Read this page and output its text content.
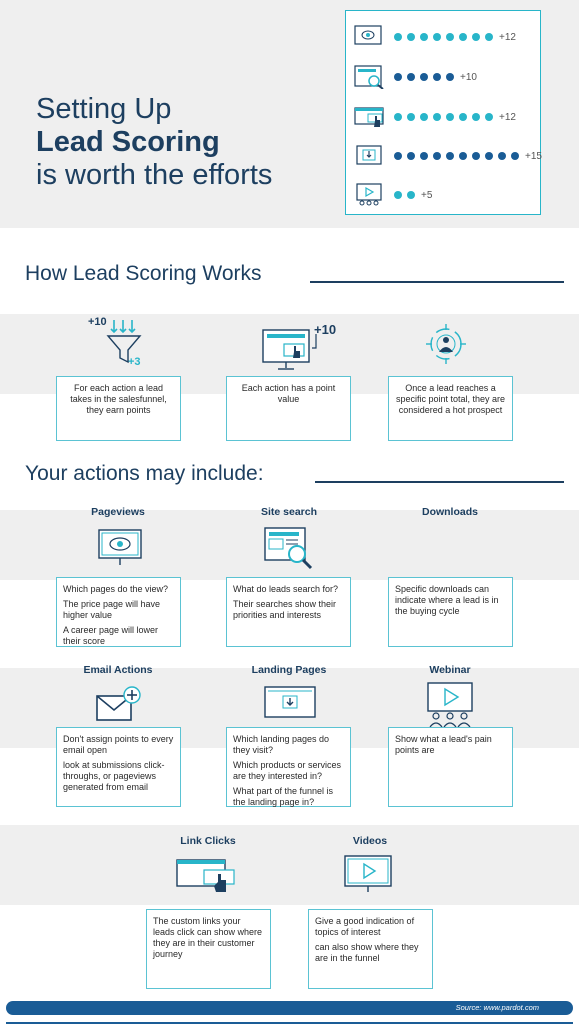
Setting Up
Lead Scoring
is worth the efforts
+12
+10
+12
+15
+5
How Lead Scoring Works
+10
+3
+10
For each action a lead takes in the salesfunnel, they earn points
Each action has a point value
Once a lead reaches a specific point total, they are considered a hot prospect
Your actions may include:
Pageviews	Site search	Downloads

Which pages do the view?

The price page will have higher value

A career page will lower their score

What do leads search for?

Their searches show their priorities and interests

Specific downloads can indicate where a lead is in the buying cycle

Email Actions	Landing Pages	Webinar

Don't assign points to every email open

look at submissions click-throughs, or pageviews generated from email

Which landing pages do they visit?

Which products or services are they interested in?

What part of the funnel is the landing page in?

Show what a lead's pain points are

Link Clicks	Videos

The custom links your leads click can show where they are in their customer journey

Give a good indication of topics of interest

can also show where they are in the funnel

Source: www.pardot.com
